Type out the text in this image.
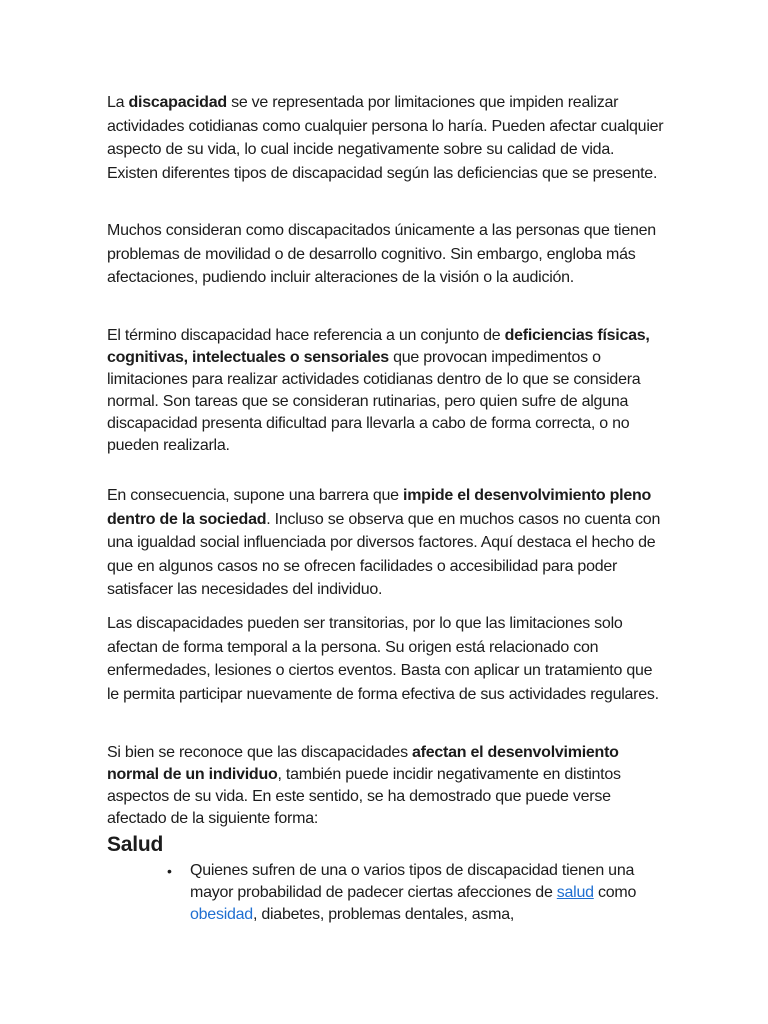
La discapacidad se ve representada por limitaciones que impiden realizar actividades cotidianas como cualquier persona lo haría. Pueden afectar cualquier aspecto de su vida, lo cual incide negativamente sobre su calidad de vida. Existen diferentes tipos de discapacidad según las deficiencias que se presente.

Muchos consideran como discapacitados únicamente a las personas que tienen problemas de movilidad o de desarrollo cognitivo. Sin embargo, engloba más afectaciones, pudiendo incluir alteraciones de la visión o la audición.

El término discapacidad hace referencia a un conjunto de deficiencias físicas, cognitivas, intelectuales o sensoriales que provocan impedimentos o limitaciones para realizar actividades cotidianas dentro de lo que se considera normal. Son tareas que se consideran rutinarias, pero quien sufre de alguna discapacidad presenta dificultad para llevarla a cabo de forma correcta, o no pueden realizarla.

En consecuencia, supone una barrera que impide el desenvolvimiento pleno dentro de la sociedad. Incluso se observa que en muchos casos no cuenta con una igualdad social influenciada por diversos factores. Aquí destaca el hecho de que en algunos casos no se ofrecen facilidades o accesibilidad para poder satisfacer las necesidades del individuo.

Las discapacidades pueden ser transitorias, por lo que las limitaciones solo afectan de forma temporal a la persona. Su origen está relacionado con enfermedades, lesiones o ciertos eventos. Basta con aplicar un tratamiento que le permita participar nuevamente de forma efectiva de sus actividades regulares.

Si bien se reconoce que las discapacidades afectan el desenvolvimiento normal de un individuo, también puede incidir negativamente en distintos aspectos de su vida. En este sentido, se ha demostrado que puede verse afectado de la siguiente forma:

Salud
• Quienes sufren de una o varios tipos de discapacidad tienen una mayor probabilidad de padecer ciertas afecciones de salud como obesidad, diabetes, problemas dentales, asma,
